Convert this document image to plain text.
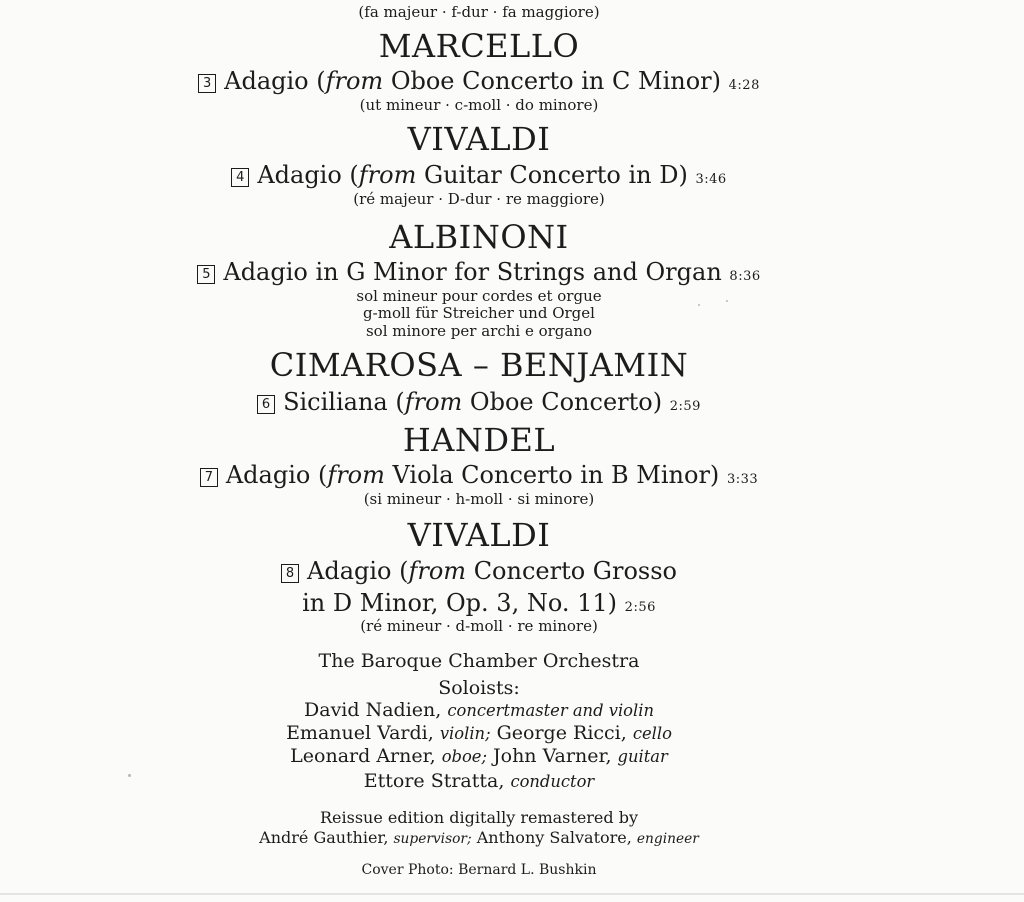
(fa majeur · f-dur · fa maggiore)
MARCELLO
3 Adagio (from Oboe Concerto in C Minor) 4:28
(ut mineur · c-moll · do minore)
VIVALDI
4 Adagio (from Guitar Concerto in D) 3:46
(ré majeur · D-dur · re maggiore)
ALBINONI
5 Adagio in G Minor for Strings and Organ 8:36
sol mineur pour cordes et orgue
g-moll für Streicher und Orgel
sol minore per archi e organo
CIMAROSA – BENJAMIN
6 Siciliana (from Oboe Concerto) 2:59
HANDEL
7 Adagio (from Viola Concerto in B Minor) 3:33
(si mineur · h-moll · si minore)
VIVALDI
8 Adagio (from Concerto Grosso
in D Minor, Op. 3, No. 11) 2:56
(ré mineur · d-moll · re minore)
The Baroque Chamber Orchestra
Soloists:
David Nadien, concertmaster and violin
Emanuel Vardi, violin; George Ricci, cello
Leonard Arner, oboe; John Varner, guitar
Ettore Stratta, conductor
Reissue edition digitally remastered by
André Gauthier, supervisor; Anthony Salvatore, engineer
Cover Photo: Bernard L. Bushkin
